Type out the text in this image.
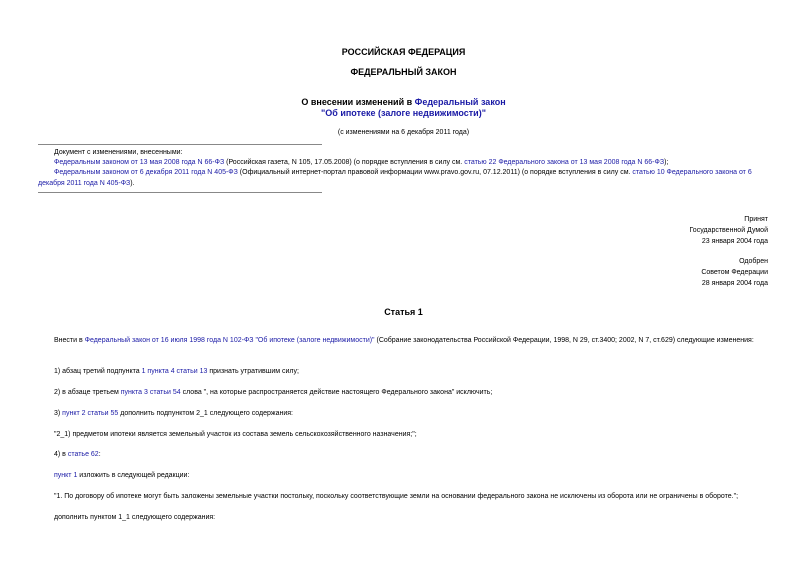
РОССИЙСКАЯ ФЕДЕРАЦИЯ
ФЕДЕРАЛЬНЫЙ ЗАКОН
О внесении изменений в Федеральный закон
"Об ипотеке (залоге недвижимости)"
(с изменениями на 6 декабря 2011 года)
Документ с изменениями, внесенными:
Федеральным законом от 13 мая 2008 года N 66-ФЗ (Российская газета, N 105, 17.05.2008) (о порядке вступления в силу см. статью 22 Федерального закона от 13 мая 2008 года N 66-ФЗ);
Федеральным законом от 6 декабря 2011 года N 405-ФЗ (Официальный интернет-портал правовой информации www.pravo.gov.ru, 07.12.2011) (о порядке вступления в силу см. статью 10 Федерального закона от 6 декабря 2011 года N 405-ФЗ).
Принят
Государственной Думой
23 января 2004 года
Одобрен
Советом Федерации
28 января 2004 года
Статья 1
Внести в Федеральный закон от 16 июля 1998 года N 102-ФЗ "Об ипотеке (залоге недвижимости)" (Собрание законодательства Российской Федерации, 1998, N 29, ст.3400; 2002, N 7, ст.629) следующие изменения:
1) абзац третий подпункта 1 пункта 4 статьи 13 признать утратившим силу;
2) в абзаце третьем пункта 3 статьи 54 слова ", на которые распространяется действие настоящего Федерального закона" исключить;
3) пункт 2 статьи 55 дополнить подпунктом 2_1 следующего содержания:
"2_1) предметом ипотеки является земельный участок из состава земель сельскохозяйственного назначения;";
4) в статье 62:
пункт 1 изложить в следующей редакции:
"1. По договору об ипотеке могут быть заложены земельные участки постольку, поскольку соответствующие земли на основании федерального закона не исключены из оборота или не ограничены в обороте.";
дополнить пунктом 1_1 следующего содержания:
